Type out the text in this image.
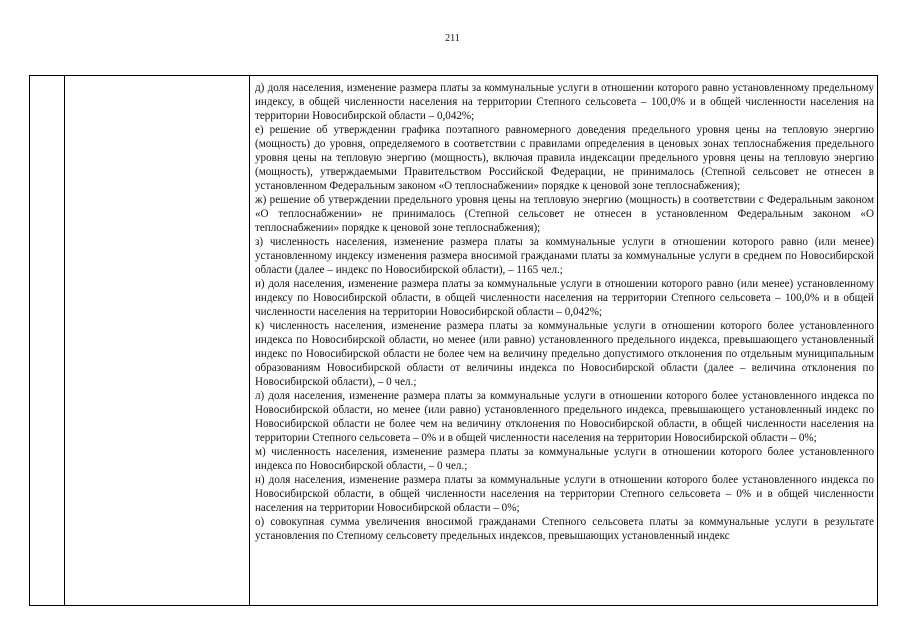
211

д) доля населения, изменение размера платы за коммунальные услуги в отношении которого равно установленному предельному индексу, в общей численности населения на территории Степного сельсовета – 100,0% и в общей численности населения на территории Новосибирской области – 0,042%;

е) решение об утверждении графика поэтапного равномерного доведения предельного уровня цены на тепловую энергию (мощность) до уровня, определяемого в соответствии с правилами определения в ценовых зонах теплоснабжения предельного уровня цены на тепловую энергию (мощность), включая правила индексации предельного уровня цены на тепловую энергию (мощность), утверждаемыми Правительством Российской Федерации, не принималось (Степной сельсовет не отнесен в установленном Федеральным законом «О теплоснабжении» порядке к ценовой зоне теплоснабжения);

ж) решение об утверждении предельного уровня цены на тепловую энергию (мощность) в соответствии с Федеральным законом «О теплоснабжении» не принималось (Степной сельсовет не отнесен в установленном Федеральным законом «О теплоснабжении» порядке к ценовой зоне теплоснабжения);

з) численность населения, изменение размера платы за коммунальные услуги в отношении которого равно (или менее) установленному индексу изменения размера вносимой гражданами платы за коммунальные услуги в среднем по Новосибирской области (далее – индекс по Новосибирской области), – 1165 чел.;

и) доля населения, изменение размера платы за коммунальные услуги в отношении которого равно (или менее) установленному индексу по Новосибирской области, в общей численности населения на территории Степного сельсовета – 100,0% и в общей численности населения на территории Новосибирской области – 0,042%;

к) численность населения, изменение размера платы за коммунальные услуги в отношении которого более установленного индекса по Новосибирской области, но менее (или равно) установленного предельного индекса, превышающего установленный индекс по Новосибирской области не более чем на величину предельно допустимого отклонения по отдельным муниципальным образованиям Новосибирской области от величины индекса по Новосибирской области (далее – величина отклонения по Новосибирской области), – 0 чел.;

л) доля населения, изменение размера платы за коммунальные услуги в отношении которого более установленного индекса по Новосибирской области, но менее (или равно) установленного предельного индекса, превышающего установленный индекс по Новосибирской области не более чем на величину отклонения по Новосибирской области, в общей численности населения на территории Степного сельсовета – 0% и в общей численности населения на территории Новосибирской области – 0%;

м) численность населения, изменение размера платы за коммунальные услуги в отношении которого более установленного индекса по Новосибирской области, – 0 чел.;

н) доля населения, изменение размера платы за коммунальные услуги в отношении которого более установленного индекса по Новосибирской области, в общей численности населения на территории Степного сельсовета – 0% и в общей численности населения на территории Новосибирской области – 0%;

о) совокупная сумма увеличения вносимой гражданами Степного сельсовета платы за коммунальные услуги в результате установления по Степному сельсовету предельных индексов, превышающих установленный индекс
